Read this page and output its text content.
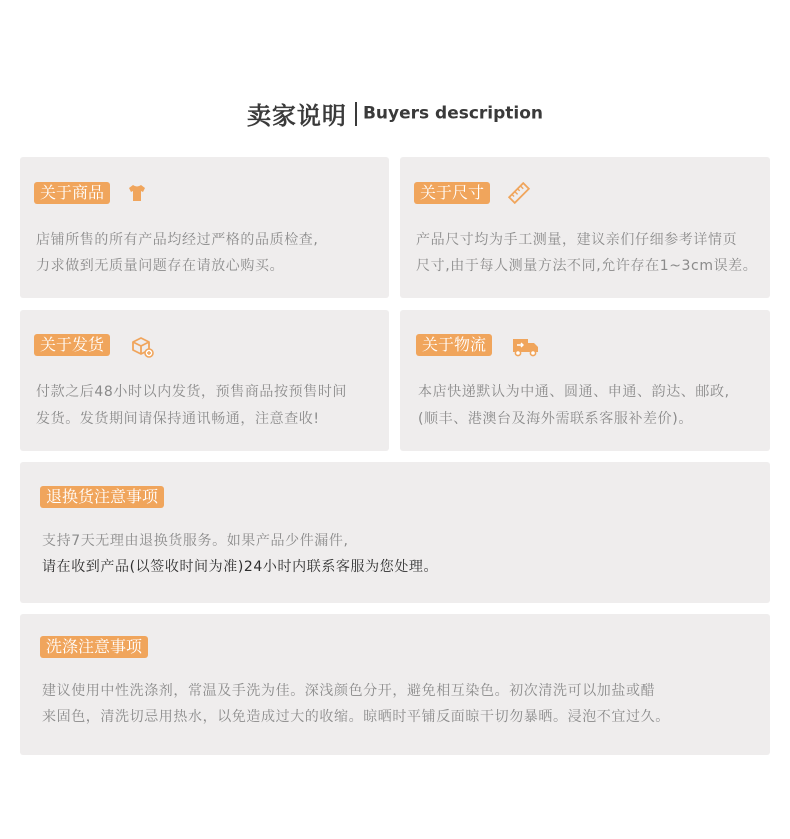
卖家说明 Buyers description
关于商品
店铺所售的所有产品均经过严格的品质检查,
力求做到无质量问题存在请放心购买。
关于尺寸
产品尺寸均为手工测量，建议亲们仔细参考详情页
尺寸,由于每人测量方法不同,允许存在1~3cm误差。
关于发货
付款之后48小时以内发货，预售商品按预售时间
发货。发货期间请保持通讯畅通，注意查收!
关于物流
本店快递默认为中通、圆通、申通、韵达、邮政,
(顺丰、港澳台及海外需联系客服补差价)。
退换货注意事项
支持7天无理由退换货服务。如果产品少件漏件,
请在收到产品(以签收时间为准)24小时内联系客服为您处理。
洗涤注意事项
建议使用中性洗涤剂，常温及手洗为佳。深浅颜色分开，避免相互染色。初次清洗可以加盐或醋
来固色，清洗切忌用热水，以免造成过大的收缩。晾晒时平铺反面晾干切勿暴晒。浸泡不宜过久。
